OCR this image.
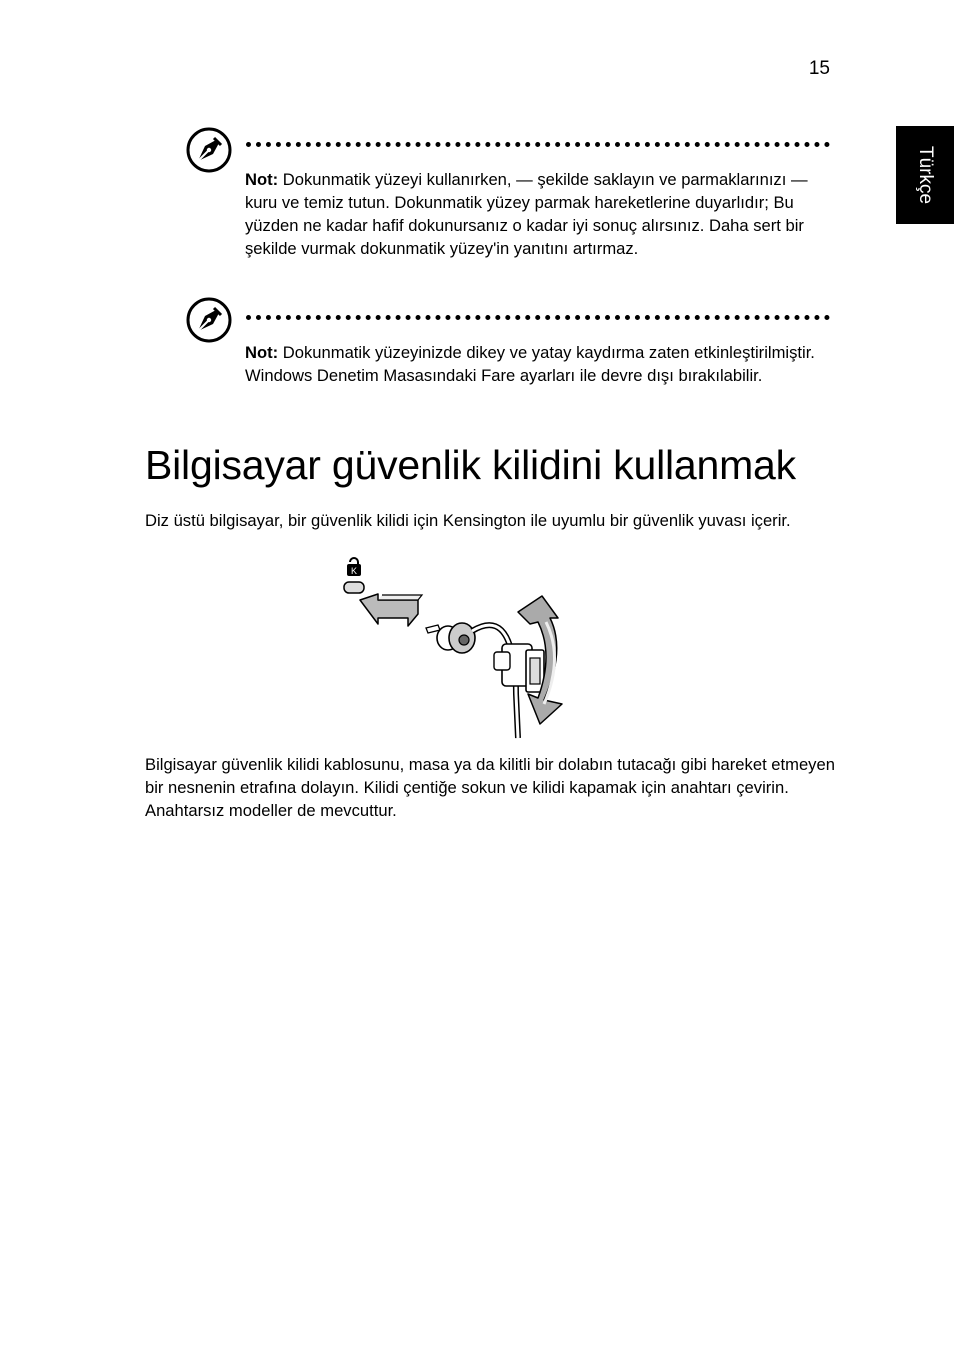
15
Türkçe
Not: Dokunmatik yüzeyi kullanırken, — şekilde saklayın ve parmaklarınızı — kuru ve temiz tutun. Dokunmatik yüzey parmak hareketlerine duyarlıdır; Bu yüzden ne kadar hafif dokunursanız o kadar iyi sonuç alırsınız. Daha sert bir şekilde vurmak dokunmatik yüzey'in yanıtını artırmaz.
Not: Dokunmatik yüzeyinizde dikey ve yatay kaydırma zaten etkinleştirilmiştir. Windows Denetim Masasındaki Fare ayarları ile devre dışı bırakılabilir.
Bilgisayar güvenlik kilidini kullanmak
Diz üstü bilgisayar, bir güvenlik kilidi için Kensington ile uyumlu bir güvenlik yuvası içerir.
K
Bilgisayar güvenlik kilidi kablosunu, masa ya da kilitli bir dolabın tutacağı gibi hareket etmeyen bir nesnenin etrafına dolayın. Kilidi çentiğe sokun ve kilidi kapamak için anahtarı çevirin. Anahtarsız modeller de mevcuttur.
